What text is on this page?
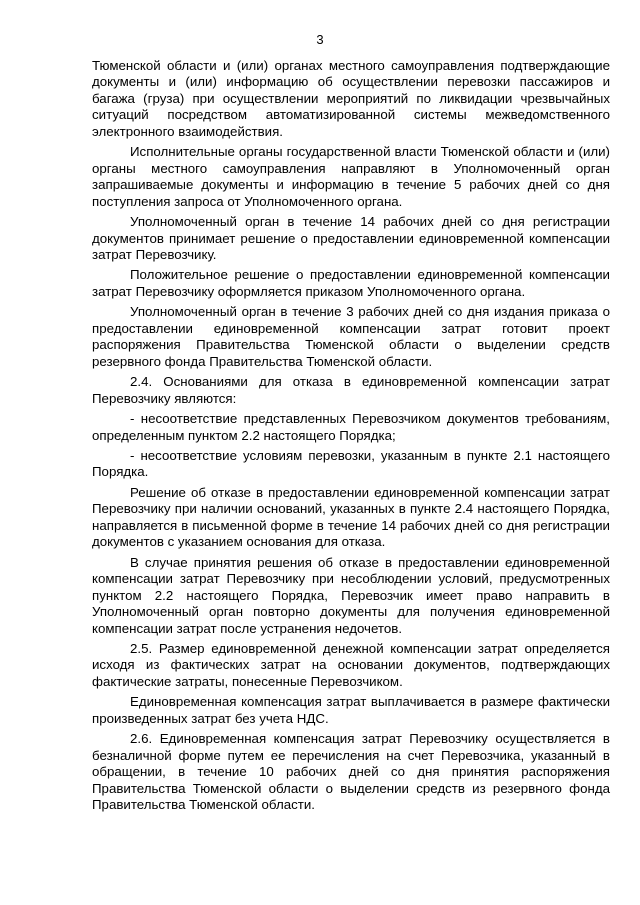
3

Тюменской области и (или) органах местного самоуправления подтверждающие документы и (или) информацию об осуществлении перевозки пассажиров и багажа (груза) при осуществлении мероприятий по ликвидации чрезвычайных ситуаций посредством автоматизированной системы межведомственного электронного взаимодействия.

Исполнительные органы государственной власти Тюменской области и (или) органы местного самоуправления направляют в Уполномоченный орган запрашиваемые документы и информацию в течение 5 рабочих дней со дня поступления запроса от Уполномоченного органа.

Уполномоченный орган в течение 14 рабочих дней со дня регистрации документов принимает решение о предоставлении единовременной компенсации затрат Перевозчику.

Положительное решение о предоставлении единовременной компенсации затрат Перевозчику оформляется приказом Уполномоченного органа.

Уполномоченный орган в течение 3 рабочих дней со дня издания приказа о предоставлении единовременной компенсации затрат готовит проект распоряжения Правительства Тюменской области о выделении средств резервного фонда Правительства Тюменской области.

2.4. Основаниями для отказа в единовременной компенсации затрат Перевозчику являются:

- несоответствие представленных Перевозчиком документов требованиям, определенным пунктом 2.2 настоящего Порядка;

- несоответствие условиям перевозки, указанным в пункте 2.1 настоящего Порядка.

Решение об отказе в предоставлении единовременной компенсации затрат Перевозчику при наличии оснований, указанных в пункте 2.4 настоящего Порядка, направляется в письменной форме в течение 14 рабочих дней со дня регистрации документов с указанием основания для отказа.

В случае принятия решения об отказе в предоставлении единовременной компенсации затрат Перевозчику при несоблюдении условий, предусмотренных пунктом 2.2 настоящего Порядка, Перевозчик имеет право направить в Уполномоченный орган повторно документы для получения единовременной компенсации затрат после устранения недочетов.

2.5. Размер единовременной денежной компенсации затрат определяется исходя из фактических затрат на основании документов, подтверждающих фактические затраты, понесенные Перевозчиком.

Единовременная компенсация затрат выплачивается в размере фактически произведенных затрат без учета НДС.

2.6. Единовременная компенсация затрат Перевозчику осуществляется в безналичной форме путем ее перечисления на счет Перевозчика, указанный в обращении, в течение 10 рабочих дней со дня принятия распоряжения Правительства Тюменской области о выделении средств из резервного фонда Правительства Тюменской области.
